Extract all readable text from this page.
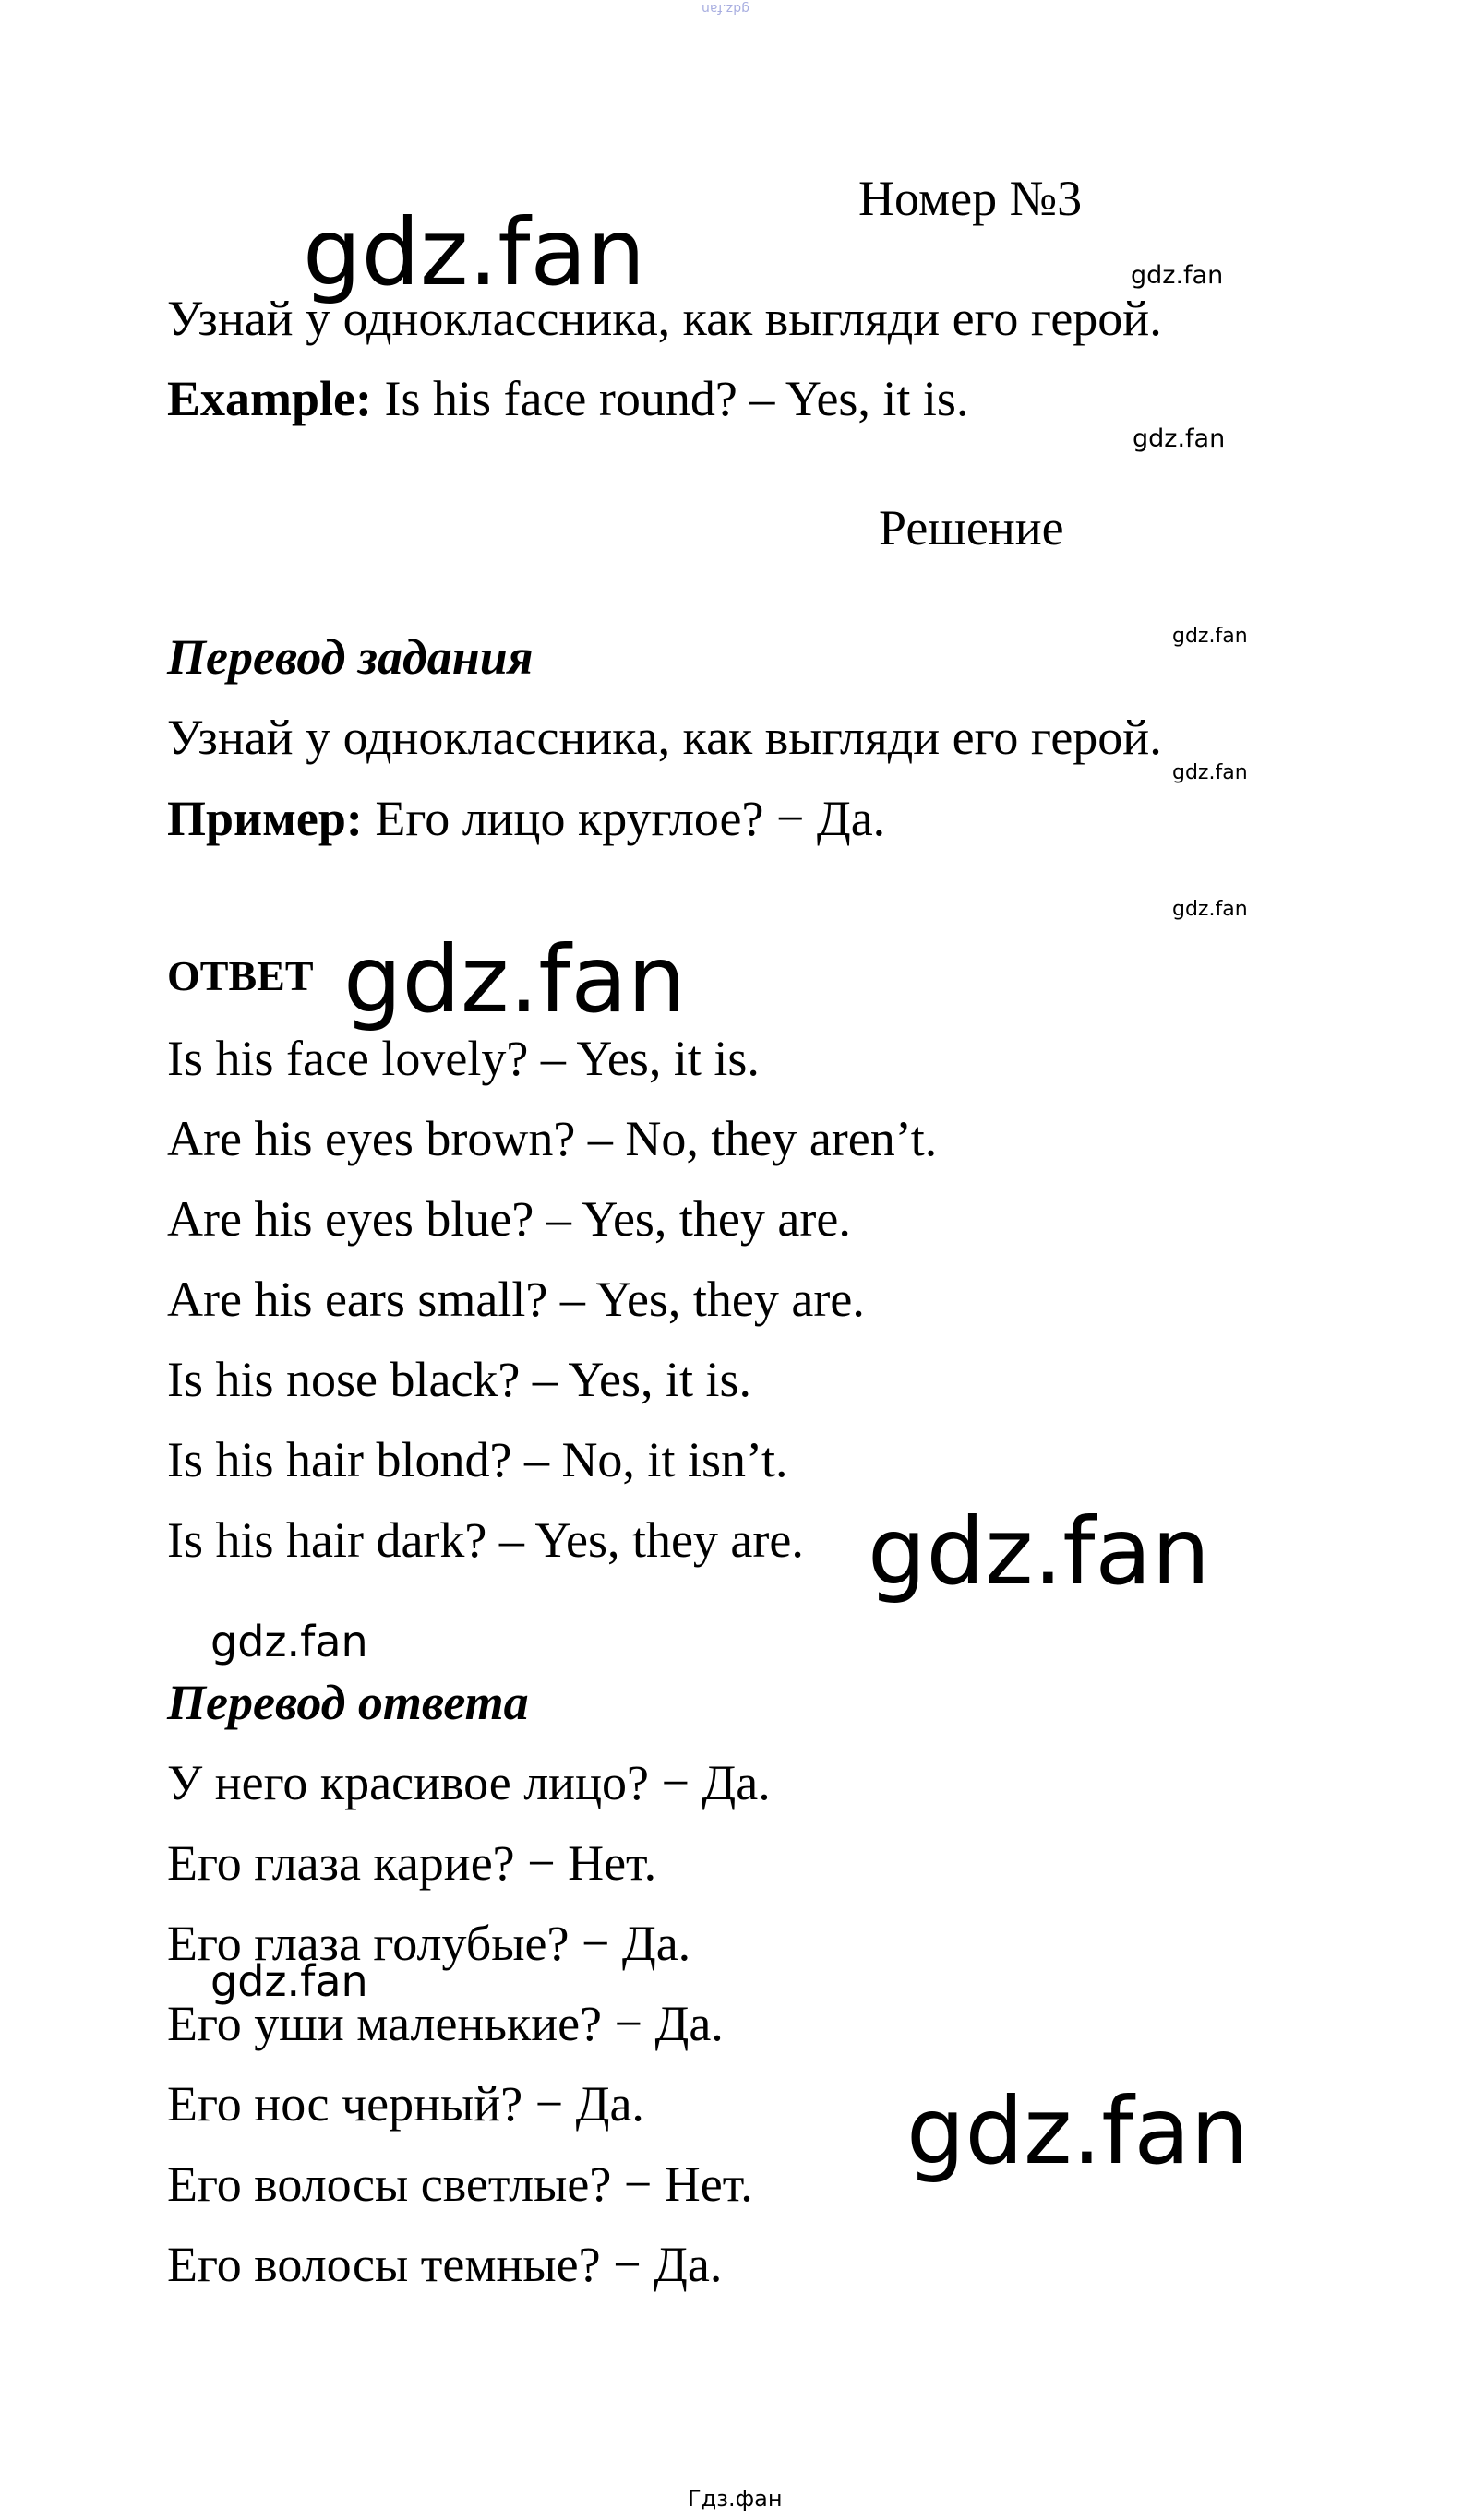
gdz.fan
Номер №3
gdz.fan	gdz.fan
Узнай у одноклассника, как выгляди его герой.
Example: Is his face round? – Yes, it is.
gdz.fan
Решение
Перевод задания	gdz.fan
Узнай у одноклассника, как выгляди его герой.
gdz.fan
Пример: Его лицо круглое? − Да.
gdz.fan
ОТВЕТ gdz.fan
Is his face lovely? – Yes, it is.
Are his eyes brown? – No, they aren’t.
Are his eyes blue? – Yes, they are.
Are his ears small? – Yes, they are.
Is his nose black? – Yes, it is.
Is his hair blond? – No, it isn’t.
Is his hair dark? – Yes, they are. gdz.fan
gdz.fan
Перевод ответа
У него красивое лицо? − Да.
Его глаза карие? − Нет.
Его глаза голубые? − Да.
gdz.fan
Его уши маленькие? − Да.
Его нос черный? − Да.	gdz.fan
Его волосы светлые? − Нет.
Его волосы темные? − Да.
Гдз.фан
